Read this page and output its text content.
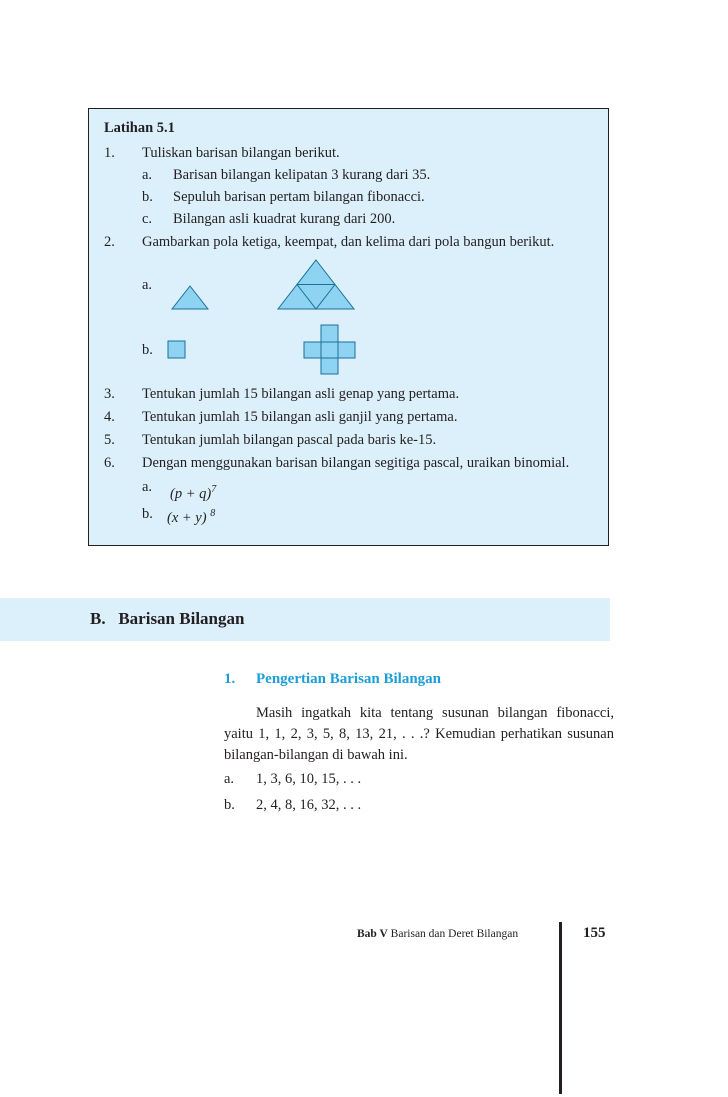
Latihan 5.1
1. Tuliskan barisan bilangan berikut.
a. Barisan bilangan kelipatan 3 kurang dari 35.
b. Sepuluh barisan pertam bilangan fibonacci.
c. Bilangan asli kuadrat kurang dari 200.
2. Gambarkan pola ketiga, keempat, dan kelima dari pola bangun berikut.
a.
b.
3. Tentukan jumlah 15 bilangan asli genap yang pertama.
4. Tentukan jumlah 15 bilangan asli ganjil yang pertama.
5. Tentukan jumlah bilangan pascal pada baris ke-15.
6. Dengan menggunakan barisan bilangan segitiga pascal, uraikan binomial.
a. $(p + q)^7$
b. (x + y) $^8$
B.   Barisan Bilangan
1. Pengertian Barisan Bilangan
Masih ingatkah kita tentang susunan bilangan fibonacci, yaitu 1, 1, 2, 3, 5, 8, 13, 21, . . .? Kemudian perhatikan susunan bilangan-bilangan di bawah ini.
a. 1, 3, 6, 10, 15, . . .
b. 2, 4, 8, 16, 32, . . .
Bab V Barisan dan Deret Bilangan	155
